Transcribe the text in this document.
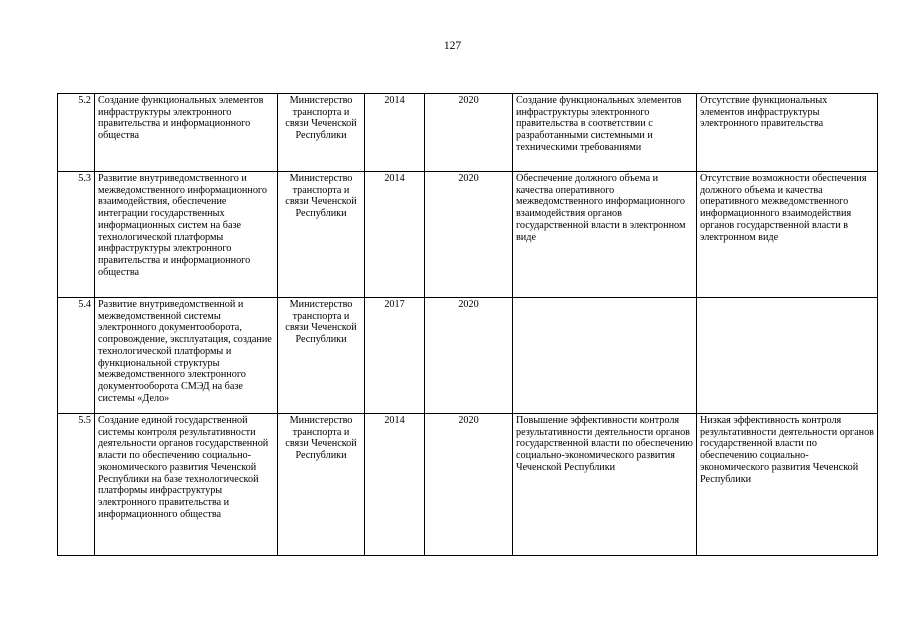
127
5.2	Создание функциональных элементов инфраструктуры электронного правительства и информационного общества	Министерство транспорта и связи Чеченской Республики	2014	2020	Создание функциональных элементов инфраструктуры электронного правительства в соответствии с разработанными системными и техническими требованиями	Отсутствие функциональных элементов инфраструктуры электронного правительства
5.3	Развитие внутриведомственного и межведомственного информационного взаимодействия, обеспечение интеграции государственных информационных систем на базе технологической платформы инфраструктуры электронного правительства и информационного общества	Министерство транспорта и связи Чеченской Республики	2014	2020	Обеспечение должного объема и качества оперативного межведомственного информационного взаимодействия органов государственной власти в электронном виде	Отсутствие возможности обеспечения должного объема и качества оперативного межведомственного информационного взаимодействия органов государственной власти в электронном виде
5.4	Развитие внутриведомственной и межведомственной системы электронного документооборота, сопровождение, эксплуатация, создание технологической платформы и функциональной структуры межведомственного электронного документооборота СМЭД на базе системы «Дело»	Министерство транспорта и связи Чеченской Республики	2017	2020		
5.5	Создание единой государственной системы контроля результативности деятельности органов государственной власти по обеспечению социально-экономического развития Чеченской Республики на базе технологической платформы инфраструктуры электронного правительства и информационного общества	Министерство транспорта и связи Чеченской Республики	2014	2020	Повышение эффективности контроля результативности деятельности органов государственной власти по обеспечению социально-экономического развития Чеченской Республики	Низкая эффективность контроля результативности деятельности органов государственной власти по обеспечению социально-экономического развития Чеченской Республики
